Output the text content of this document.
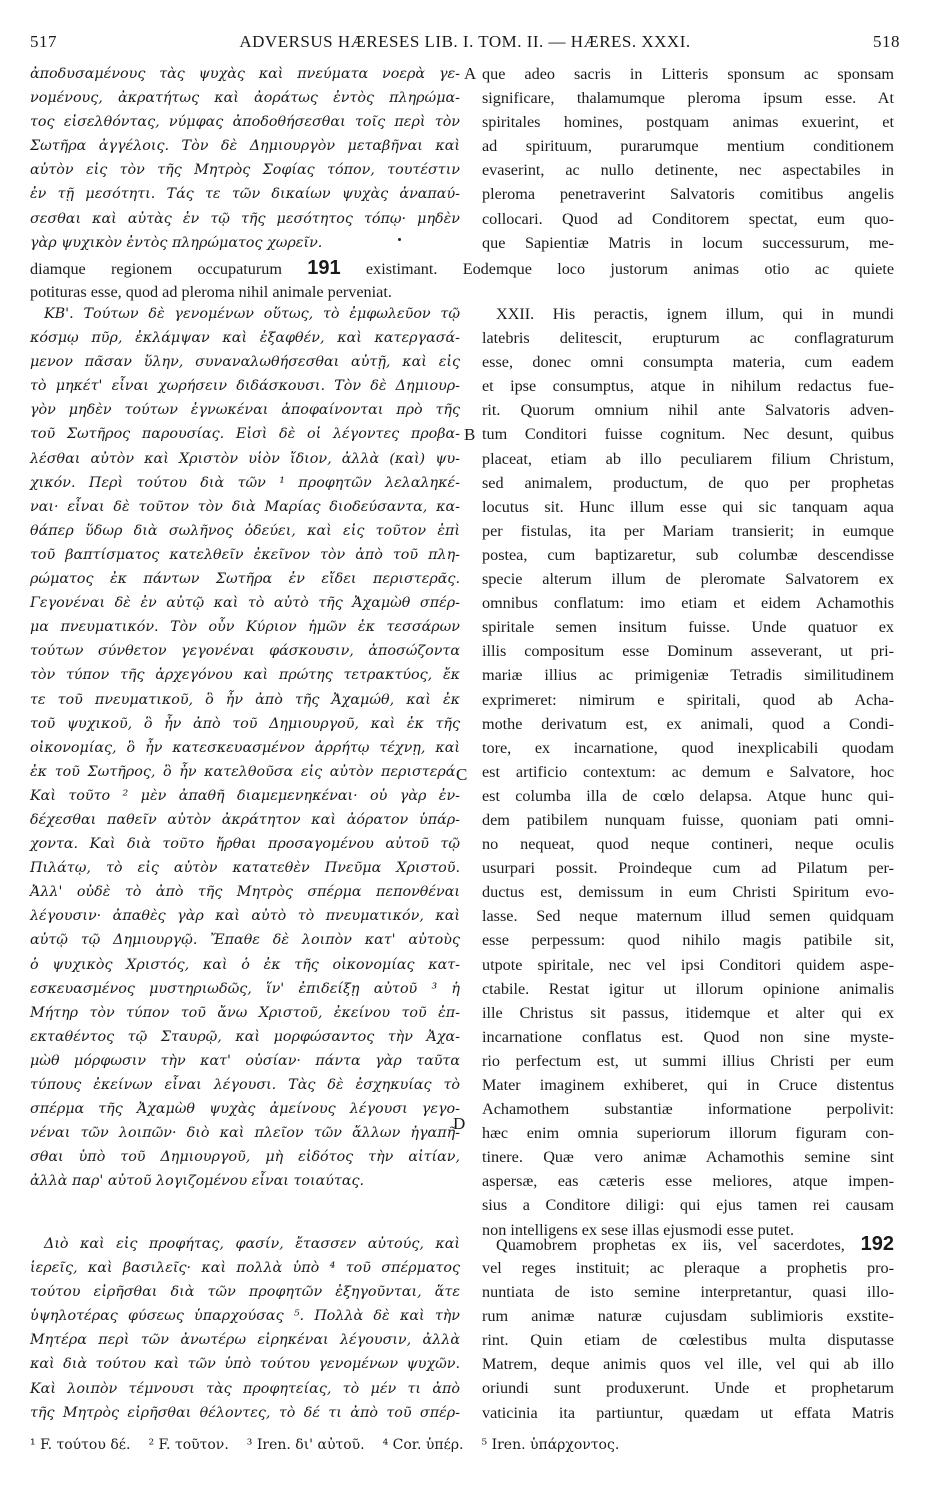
517	ADVERSUS HÆRESES LIB. I. TOM. II. — HÆRES. XXXI.	518
ἀποδυσαμένους τὰς ψυχὰς καὶ πνεύματα νοερὰ γε-
νομένους, ἀκρατήτως καὶ ἀοράτως ἐντὸς πληρώμα-
τος εἰσελθόντας, νύμφας ἀποδοθήσεσθαι τοῖς περὶ τὸν
Σωτῆρα ἀγγέλοις. Τὸν δὲ Δημιουργὸν μεταβῆναι καὶ
αὐτὸν εἰς τὸν τῆς Μητρὸς Σοφίας τόπον, τουτέστιν
ἐν τῇ μεσότητι. Τάς τε τῶν δικαίων ψυχὰς ἀναπαύ-
σεσθαι καὶ αὐτὰς ἐν τῷ τῆς μεσότητος τόπῳ· μηδὲν
γὰρ ψυχικὸν ἐντὸς πληρώματος χωρεῖν.
A que adeo sacris in Litteris sponsum ac sponsam
significare, thalamumque pleroma ipsum esse. At
spiritales homines, postquam animas exuerint, et
ad spirituum, purarumque mentium conditionem
evaserint, ac nullo detinente, nec aspectabiles in
pleroma penetraverint Salvatoris comitibus angelis
collocari. Quod ad Conditorem spectat, eum quo-
que Sapientiæ Matris in locum successurum, me-
diamque regionem occupaturum 191 existimant. Eodemque loco justorum animas otio ac quiete
potituras esse, quod ad pleroma nihil animale perveniat.
ΚΒ'. Τούτων δὲ γενομένων οὕτως, τὸ ἐμφωλεῦον τῷ
κόσμῳ πῦρ, ἐκλάμψαν καὶ ἐξαφθέν, καὶ κατεργασά-
μενον πᾶσαν ὕλην, συναναλωθήσεσθαι αὐτῇ, καὶ εἰς
τὸ μηκέτ' εἶναι χωρήσειν διδάσκουσι. Τὸν δὲ Δημιουρ-
γὸν μηδὲν τούτων ἐγνωκέναι ἀποφαίνονται πρὸ τῆς
τοῦ Σωτῆρος παρουσίας. Εἰσὶ δὲ οἱ λέγοντες προβα-
λέσθαι αὐτὸν καὶ Χριστὸν υἱὸν ἴδιον, ἀλλὰ (καὶ) ψυ-
χικόν. Περὶ τούτου διὰ τῶν ¹ προφητῶν λελαληκέ-
ναι· εἶναι δὲ τοῦτον τὸν διὰ Μαρίας διοδεύσαντα, κα-
θάπερ ὕδωρ διὰ σωλῆνος ὁδεύει, καὶ εἰς τοῦτον ἐπὶ
τοῦ βαπτίσματος κατελθεῖν ἐκεῖνον τὸν ἀπὸ τοῦ πλη-
ρώματος ἐκ πάντων Σωτῆρα ἐν εἴδει περιστερᾶς.
Γεγονέναι δὲ ἐν αὐτῷ καὶ τὸ αὐτὸ τῆς Ἀχαμὼθ σπέρ-
μα πνευματικόν. Τὸν οὖν Κύριον ἡμῶν ἐκ τεσσάρων
τούτων σύνθετον γεγονέναι φάσκουσιν, ἀποσώζοντα
τὸν τύπον τῆς ἀρχεγόνου καὶ πρώτης τετρακτύος, ἔκ
τε τοῦ πνευματικοῦ, ὃ ἦν ἀπὸ τῆς Ἀχαμώθ, καὶ ἐκ
τοῦ ψυχικοῦ, ὃ ἦν ἀπὸ τοῦ Δημιουργοῦ, καὶ ἐκ τῆς
οἰκονομίας, ὃ ἦν κατεσκευασμένον ἀρρήτῳ τέχνῃ, καὶ
ἐκ τοῦ Σωτῆρος, ὃ ἦν κατελθοῦσα εἰς αὐτὸν περιστερά.
Καὶ τοῦτο ² μὲν ἀπαθῆ διαμεμενηκέναι· οὐ γὰρ ἐν-
δέχεσθαι παθεῖν αὐτὸν ἀκράτητον καὶ ἀόρατον ὑπάρ-
χοντα. Καὶ διὰ τοῦτο ἤρθαι προσαγομένου αὐτοῦ τῷ
Πιλάτῳ, τὸ εἰς αὐτὸν κατατεθὲν Πνεῦμα Χριστοῦ.
Ἀλλ' οὐδὲ τὸ ἀπὸ τῆς Μητρὸς σπέρμα πεπονθέναι
λέγουσιν· ἀπαθὲς γὰρ καὶ αὐτὸ τὸ πνευματικόν, καὶ
αὐτῷ τῷ Δημιουργῷ. Ἔπαθε δὲ λοιπὸν κατ' αὐτοὺς
ὁ ψυχικὸς Χριστός, καὶ ὁ ἐκ τῆς οἰκονομίας κατ-
εσκευασμένος μυστηριωδῶς, ἵν' ἐπιδείξῃ αὐτοῦ ³ ἡ
Μήτηρ τὸν τύπον τοῦ ἄνω Χριστοῦ, ἐκείνου τοῦ ἐπ-
εκταθέντος τῷ Σταυρῷ, καὶ μορφώσαντος τὴν Ἀχα-
μὼθ μόρφωσιν τὴν κατ' οὐσίαν· πάντα γὰρ ταῦτα
τύπους ἐκείνων εἶναι λέγουσι. Τὰς δὲ ἐσχηκυίας τὸ
σπέρμα τῆς Ἀχαμὼθ ψυχὰς ἀμείνους λέγουσι γεγο-
νέναι τῶν λοιπῶν· διὸ καὶ πλεῖον τῶν ἄλλων ἠγαπῆ-
σθαι ὑπὸ τοῦ Δημιουργοῦ, μὴ εἰδότος τὴν αἰτίαν,
ἀλλὰ παρ' αὐτοῦ λογιζομένου εἶναι τοιαύτας.
B
C
D
XXII. His peractis, ignem illum, qui in mundi
latebris delitescit, erupturum ac conflagraturum
esse, donec omni consumpta materia, cum eadem
et ipse consumptus, atque in nihilum redactus fue-
rit. Quorum omnium nihil ante Salvatoris adven-
tum Conditori fuisse cognitum. Nec desunt, quibus
placeat, etiam ab illo peculiarem filium Christum,
sed animalem, productum, de quo per prophetas
locutus sit. Hunc illum esse qui sic tanquam aqua
per fistulas, ita per Mariam transierit; in eumque
postea, cum baptizaretur, sub columbæ descendisse
specie alterum illum de pleromate Salvatorem ex
omnibus conflatum: imo etiam et eidem Achamothis
spiritale semen insitum fuisse. Unde quatuor ex
illis compositum esse Dominum asseverant, ut pri-
mariæ illius ac primigeniæ Tetradis similitudinem
exprimeret: nimirum e spiritali, quod ab Acha-
mothe derivatum est, ex animali, quod a Condi-
tore, ex incarnatione, quod inexplicabili quodam
est artificio contextum: ac demum e Salvatore, hoc
est columba illa de cœlo delapsa. Atque hunc qui-
dem patibilem nunquam fuisse, quoniam pati omni-
no nequeat, quod neque contineri, neque oculis
usurpari possit. Proindeque cum ad Pilatum per-
ductus est, demissum in eum Christi Spiritum evo-
lasse. Sed neque maternum illud semen quidquam
esse perpessum: quod nihilo magis patibile sit,
utpote spiritale, nec vel ipsi Conditori quidem aspe-
ctabile. Restat igitur ut illorum opinione animalis
ille Christus sit passus, itidemque et alter qui ex
incarnatione conflatus est. Quod non sine myste-
rio perfectum est, ut summi illius Christi per eum
Mater imaginem exhiberet, qui in Cruce distentus
Achamothem substantiæ informatione perpolivit:
hæc enim omnia superiorum illorum figuram con-
tinere. Quæ vero animæ Achamothis semine sint
aspersæ, eas cæteris esse meliores, atque impen-
sius a Conditore diligi: qui ejus tamen rei causam
non intelligens ex sese illas ejusmodi esse putet.
Διὸ καὶ εἰς προφήτας, φασίν, ἔτασσεν αὐτούς, καὶ
ἱερεῖς, καὶ βασιλεῖς· καὶ πολλὰ ὑπὸ ⁴ τοῦ σπέρματος
τούτου εἰρῆσθαι διὰ τῶν προφητῶν ἐξηγοῦνται, ἅτε
ὑψηλοτέρας φύσεως ὑπαρχούσας ⁵. Πολλὰ δὲ καὶ τὴν
Μητέρα περὶ τῶν ἀνωτέρω εἰρηκέναι λέγουσιν, ἀλλὰ
καὶ διὰ τούτου καὶ τῶν ὑπὸ τούτου γενομένων ψυχῶν.
Καὶ λοιπὸν τέμνουσι τὰς προφητείας, τὸ μέν τι ἀπὸ
τῆς Μητρὸς εἰρῆσθαι θέλοντες, τὸ δέ τι ἀπὸ τοῦ σπέρ-
Quamobrem prophetas ex iis, vel sacerdotes, 192
vel reges instituit; ac pleraque a prophetis pro-
nuntiata de isto semine interpretantur, quasi illo-
rum animæ naturæ cujusdam sublimioris exstite-
rint. Quin etiam de cœlestibus multa disputasse
Matrem, deque animis quos vel ille, vel qui ab illo
oriundi sunt produxerunt. Unde et prophetarum
vaticinia ita partiuntur, quædam ut effata Matris
¹ F. τούτου δέ. ² F. τοῦτον. ³ Iren. δι' αὐτοῦ. ⁴ Cor. ὑπέρ. ⁵ Iren. ὑπάρχοντος.
